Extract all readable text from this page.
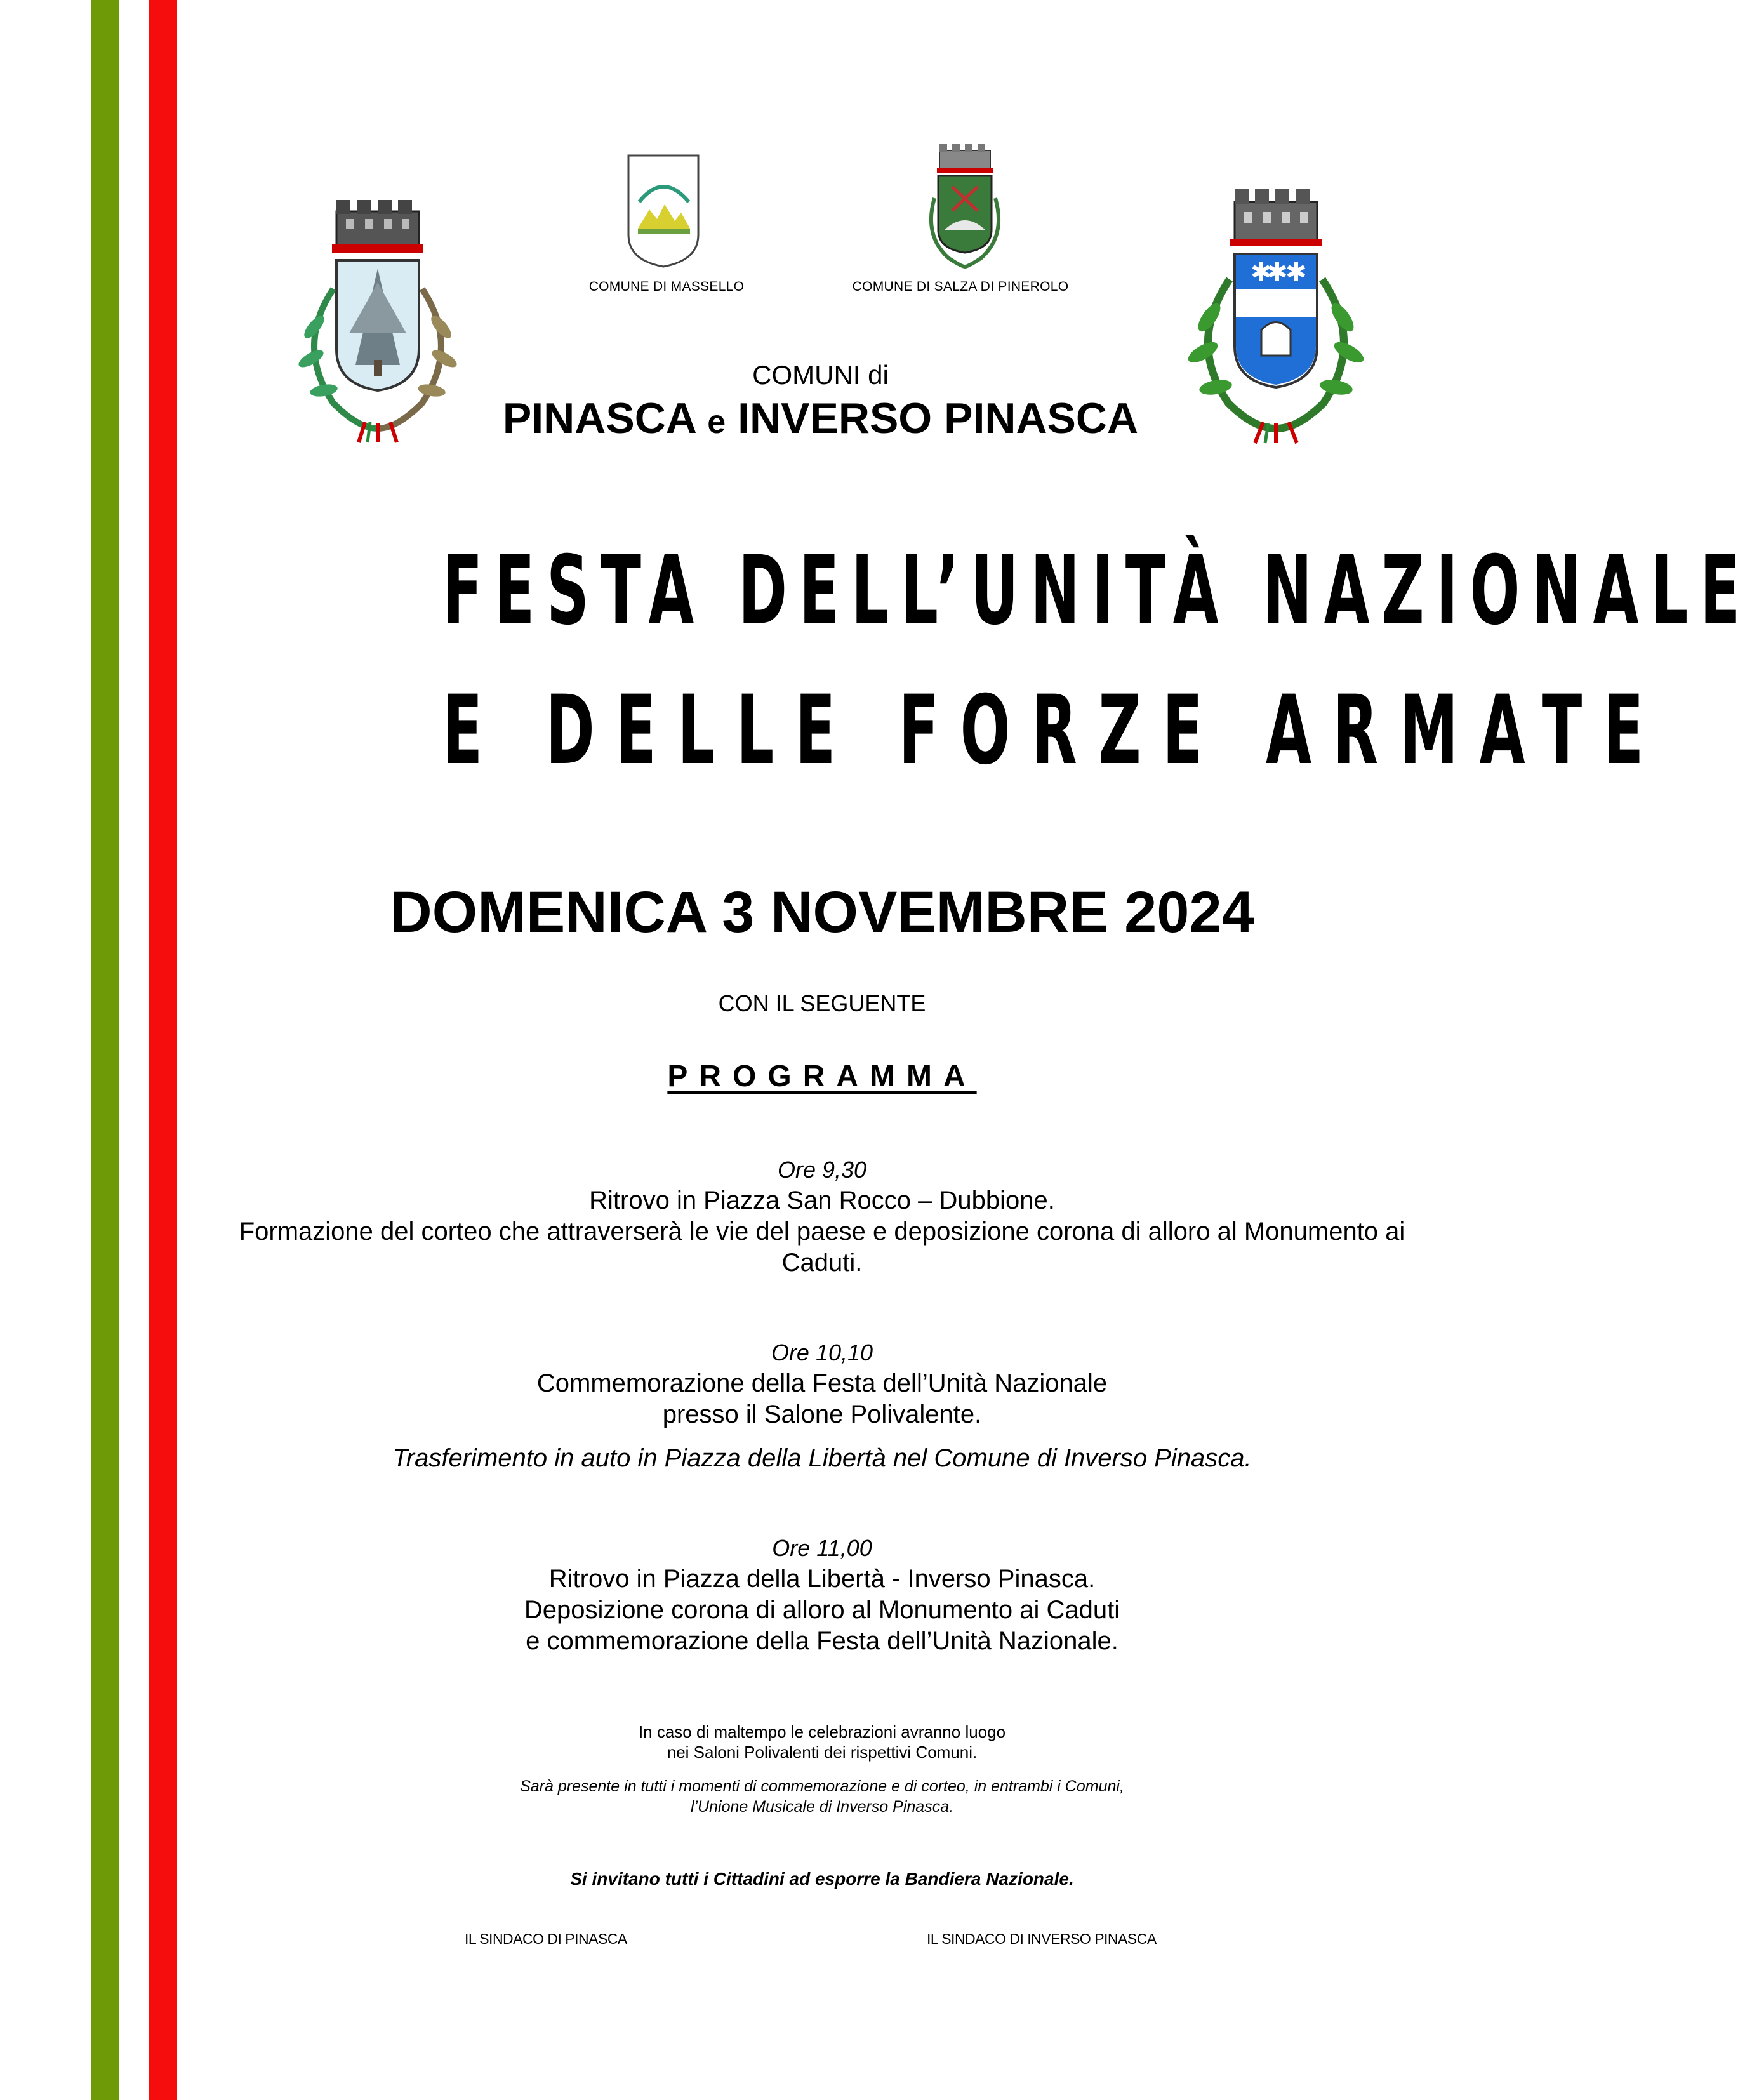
COMUNE DI MASSELLO	COMUNE DI SALZA DI PINEROLO	✱
✱
✱
COMUNI di
PINASCA e INVERSO PINASCA
FESTA DELL’UNITÀ NAZIONALE
E DELLE FORZE ARMATE
DOMENICA 3 NOVEMBRE 2024
CON IL SEGUENTE
PROGRAMMA
Ore 9,30
Ritrovo in Piazza San Rocco – Dubbione.
Formazione del corteo che attraverserà le vie del paese e deposizione corona di alloro al Monumento ai
Caduti.
Ore 10,10
Commemorazione della Festa dell’Unità Nazionale
presso il Salone Polivalente.
Trasferimento in auto in Piazza della Libertà nel Comune di Inverso Pinasca.
Ore 11,00
Ritrovo in Piazza della Libertà - Inverso Pinasca.
Deposizione corona di alloro al Monumento ai Caduti
e commemorazione della Festa dell’Unità Nazionale.
In caso di maltempo le celebrazioni avranno luogo
nei Saloni Polivalenti dei rispettivi Comuni.
Sarà presente in tutti i momenti di commemorazione e di corteo, in entrambi i Comuni,
l’Unione Musicale di Inverso Pinasca.
Si invitano tutti i Cittadini ad esporre la Bandiera Nazionale.
IL SINDACO DI PINASCA	IL SINDACO DI INVERSO PINASCA
